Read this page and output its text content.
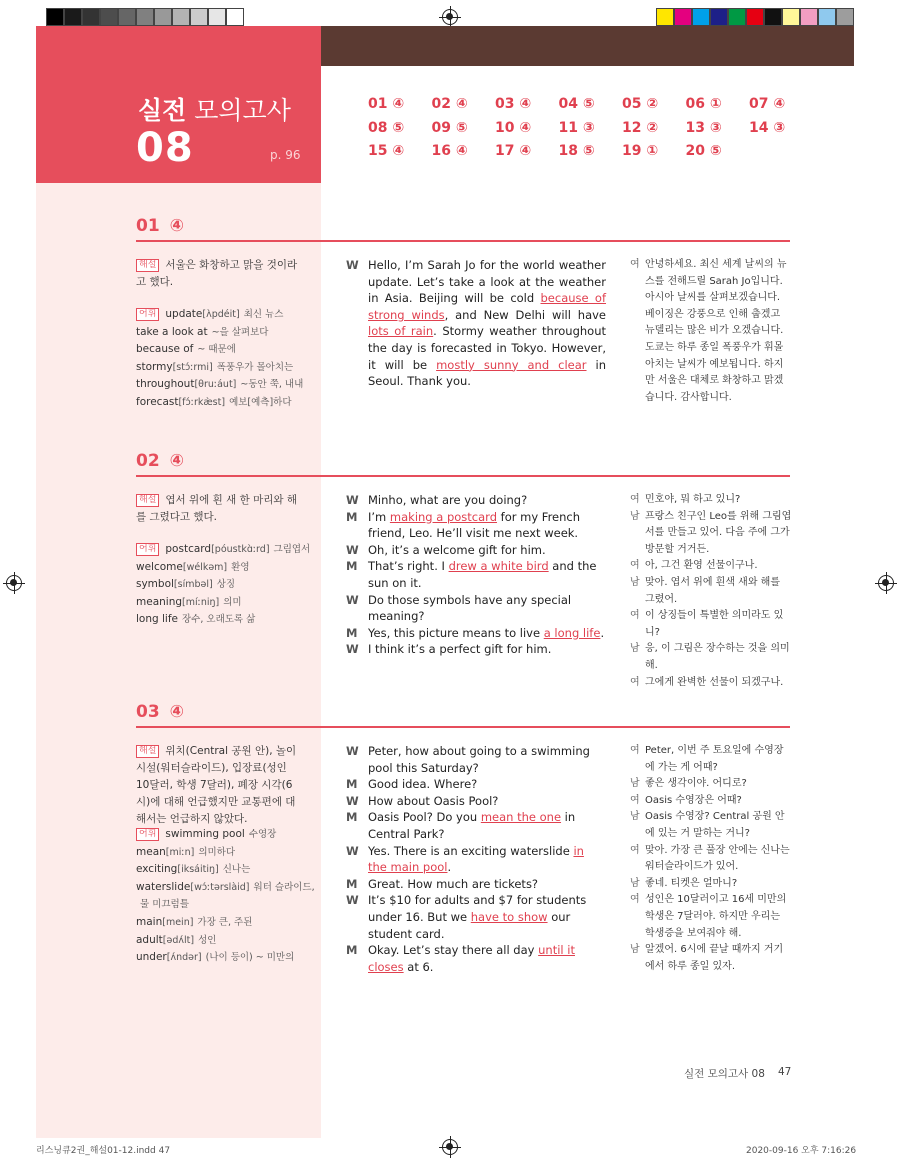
실전 모의고사
08	p. 96
01 ④ 02 ④ 03 ④ 04 ⑤ 05 ② 06 ① 07 ④
08 ⑤ 09 ⑤ 10 ④ 11 ③ 12 ② 13 ③ 14 ③
15 ④ 16 ④ 17 ④ 18 ⑤ 19 ① 20 ⑤
01 ④
해설 서울은 화창하고 맑을 것이라고 했다.
어휘 update[ʌ̀pdéit] 최신 뉴스
take a look at ~을 살펴보다
because of ~ 때문에
stormy[stɔ́ːrmi] 폭풍우가 몰아치는
throughout[θruːáut] ~동안 쭉, 내내
forecast[fɔ́ːrkæ̀st] 예보[예측]하다
W Hello, I’m Sarah Jo for the world weather update. Let’s take a look at the weather in Asia. Beijing will be cold because of strong winds, and New Delhi will have lots of rain. Stormy weather throughout the day is forecasted in Tokyo. However, it will be mostly sunny and clear in Seoul. Thank you.
여 안녕하세요. 최신 세계 날씨의 뉴스를 전해드릴 Sarah Jo입니다. 아시아 날씨를 살펴보겠습니다. 베이징은 강풍으로 인해 춥겠고 뉴델리는 많은 비가 오겠습니다. 도쿄는 하루 종일 폭풍우가 휘몰아치는 날씨가 예보됩니다. 하지만 서울은 대체로 화창하고 맑겠습니다. 감사합니다.
02 ④
해설 엽서 위에 흰 새 한 마리와 해를 그렸다고 했다.
어휘 postcard[póustkɑ̀ːrd] 그림엽서
welcome[wélkəm] 환영
symbol[símbəl] 상징
meaning[míːniŋ] 의미
long life 장수, 오래도록 삶
W Minho, what are you doing?
M I’m making a postcard for my French friend, Leo. He’ll visit me next week.
W Oh, it’s a welcome gift for him.
M That’s right. I drew a white bird and the sun on it.
W Do those symbols have any special meaning?
M Yes, this picture means to live a long life.
W I think it’s a perfect gift for him.
여 민호야, 뭐 하고 있니?
남 프랑스 친구인 Leo를 위해 그림엽서를 만들고 있어. 다음 주에 그가 방문할 거거든.
여 아, 그건 환영 선물이구나.
남 맞아. 엽서 위에 흰색 새와 해를 그렸어.
여 이 상징들이 특별한 의미라도 있니?
남 응, 이 그림은 장수하는 것을 의미해.
여 그에게 완벽한 선물이 되겠구나.
03 ④
해설 위치(Central 공원 안), 놀이 시설(워터슬라이드), 입장료(성인 10달러, 학생 7달러), 폐장 시각(6시)에 대해 언급했지만 교통편에 대해서는 언급하지 않았다.
어휘 swimming pool 수영장
mean[miːn] 의미하다
exciting[iksáitiŋ] 신나는
waterslide[wɔ́ːtərslàid] 워터 슬라이드,
물 미끄럼틀
main[mein] 가장 큰, 주된
adult[ədʌ́lt] 성인
under[ʌ́ndər] (나이 등이) ~ 미만의
W Peter, how about going to a swimming pool this Saturday?
M Good idea. Where?
W How about Oasis Pool?
M Oasis Pool? Do you mean the one in Central Park?
W Yes. There is an exciting waterslide in the main pool.
M Great. How much are tickets?
W It’s $10 for adults and $7 for students under 16. But we have to show our student card.
M Okay. Let’s stay there all day until it closes at 6.
여 Peter, 이번 주 토요일에 수영장에 가는 게 어때?
남 좋은 생각이야. 어디로?
여 Oasis 수영장은 어때?
남 Oasis 수영장? Central 공원 안에 있는 거 말하는 거니?
여 맞아. 가장 큰 풀장 안에는 신나는 워터슬라이드가 있어.
남 좋네. 티켓은 얼마니?
여 성인은 10달러이고 16세 미만의 학생은 7달러야. 하지만 우리는 학생증을 보여줘야 해.
남 알겠어. 6시에 끝날 때까지 거기에서 하루 종일 있자.
실전 모의고사 08 47
리스닝큐2권_해설01-12.indd 47	2020-09-16 오후 7:16:26
